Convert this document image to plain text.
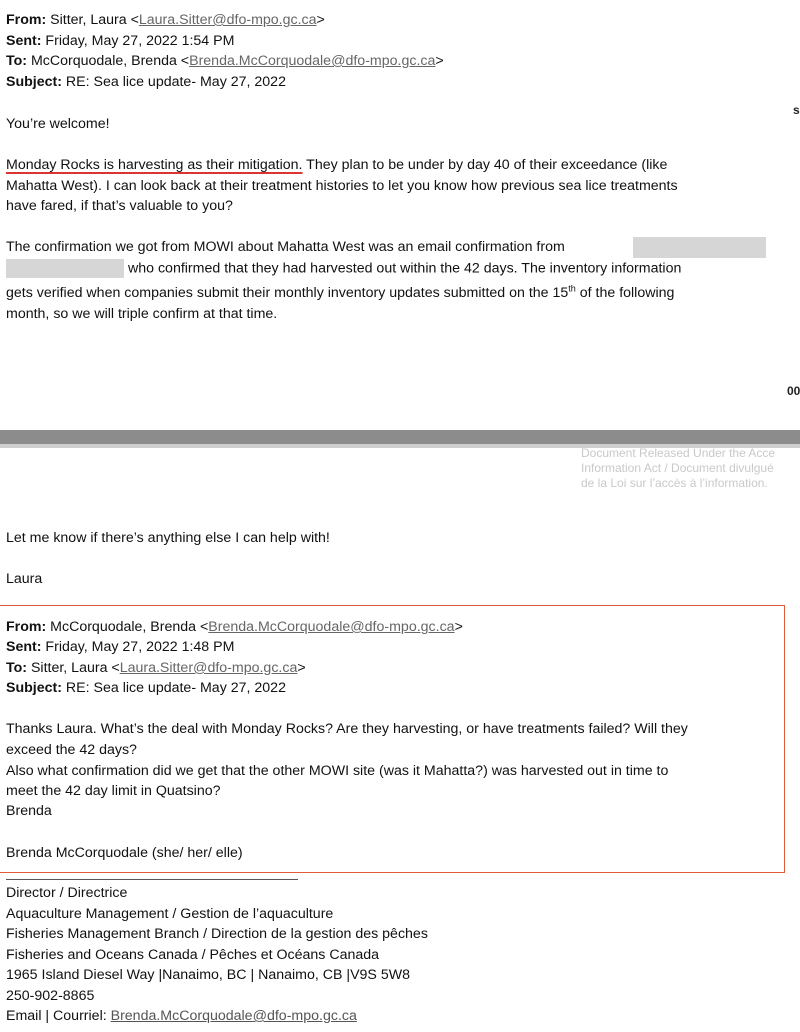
From: Sitter, Laura <Laura.Sitter@dfo-mpo.gc.ca>
Sent: Friday, May 27, 2022 1:54 PM
To: McCorquodale, Brenda <Brenda.McCorquodale@dfo-mpo.gc.ca>
Subject: RE: Sea lice update- May 27, 2022
s
You’re welcome!
Monday Rocks is harvesting as their mitigation. They plan to be under by day 40 of their exceedance (like
Mahatta West). I can look back at their treatment histories to let you know how previous sea lice treatments
have fared, if that’s valuable to you?
The confirmation we got from MOWI about Mahatta West was an email confirmation from
who confirmed that they had harvested out within the 42 days. The inventory information
gets verified when companies submit their monthly inventory updates submitted on the 15th of the following
month, so we will triple confirm at that time.
00
Document Released Under the Acce
Information Act / Document divulgué
de la Loi sur l’accès à l’information.
Let me know if there’s anything else I can help with!
Laura
From: McCorquodale, Brenda <Brenda.McCorquodale@dfo-mpo.gc.ca>
Sent: Friday, May 27, 2022 1:48 PM
To: Sitter, Laura <Laura.Sitter@dfo-mpo.gc.ca>
Subject: RE: Sea lice update- May 27, 2022
Thanks Laura. What’s the deal with Monday Rocks? Are they harvesting, or have treatments failed? Will they
exceed the 42 days?
Also what confirmation did we get that the other MOWI site (was it Mahatta?) was harvested out in time to
meet the 42 day limit in Quatsino?
Brenda
Brenda McCorquodale (she/ her/ elle)
Director / Directrice
Aquaculture Management / Gestion de l’aquaculture
Fisheries Management Branch / Direction de la gestion des pêches
Fisheries and Oceans Canada / Pêches et Océans Canada
1965 Island Diesel Way |Nanaimo, BC | Nanaimo, CB |V9S 5W8
250-902-8865
Email | Courriel: Brenda.McCorquodale@dfo-mpo.gc.ca
